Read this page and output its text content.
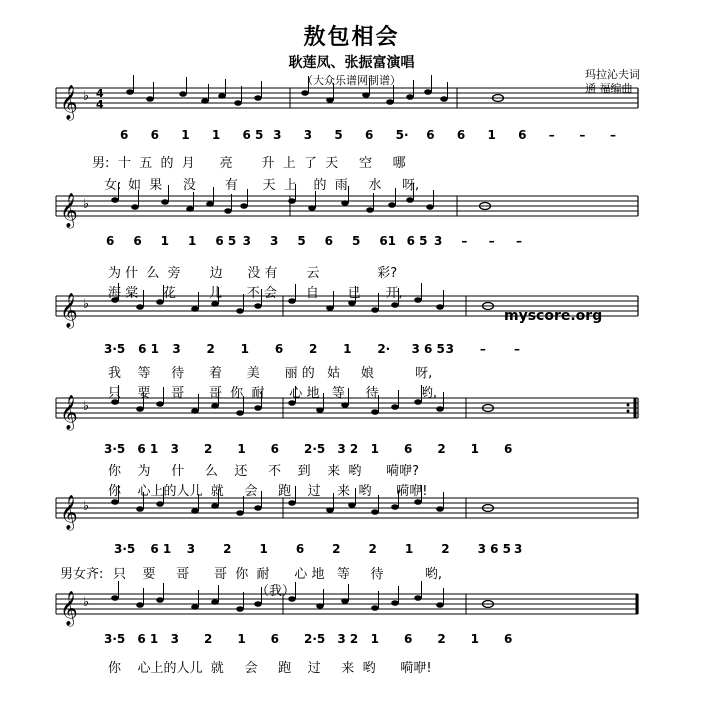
敖包相会
耿莲凤、张振富演唱
（大众乐谱网制谱）	玛拉沁夫词
通 福编曲
𝄞 ♭ 4
4
𝄞 ♭
𝄞 ♭
𝄞 ♭
𝄞 ♭
𝄞 ♭
myscore.org
6 6 1 1 6 5 3 3 5 6 5· 6 6 1 6 – – –
男: 十  五  的  月      亮       升  上  了  天     空     哪
女: 如  果     没       有      天  上    的  雨     水     呀,
6 6 1 1 6 5 3 3 5 6 5 61 6 5 3 – – –
为 什  么  旁       边      没 有       云              彩?
海 棠      花        儿      不 会       自       已      开,
3·5 6 1 3 2 1 6 2 1 2· 3 6 5 3 – –
我    等     待      着      美      丽 的   姑     娘          呀,
只    要     哥      哥  你  耐      心 地   等     待          哟,
3·5 6 1 3 2 1 6 2·5 3 2 1 6 2 1 6
你    为     什     么    还     不    到    来  哟      嗬咿?
你    心上的人儿  就     会     跑    过    来  哟      嗬咿!
3·5 6 1 3 2 1 6 2 2 1 2 3 6 5 3
男女齐: 只    要     哥      哥  你  耐      心 地   等     待          哟,
（我）
3·5 6 1 3 2 1 6 2·5 3 2 1 6 2 1 6
你    心上的人儿  就     会     跑    过     来  哟      嗬咿!
